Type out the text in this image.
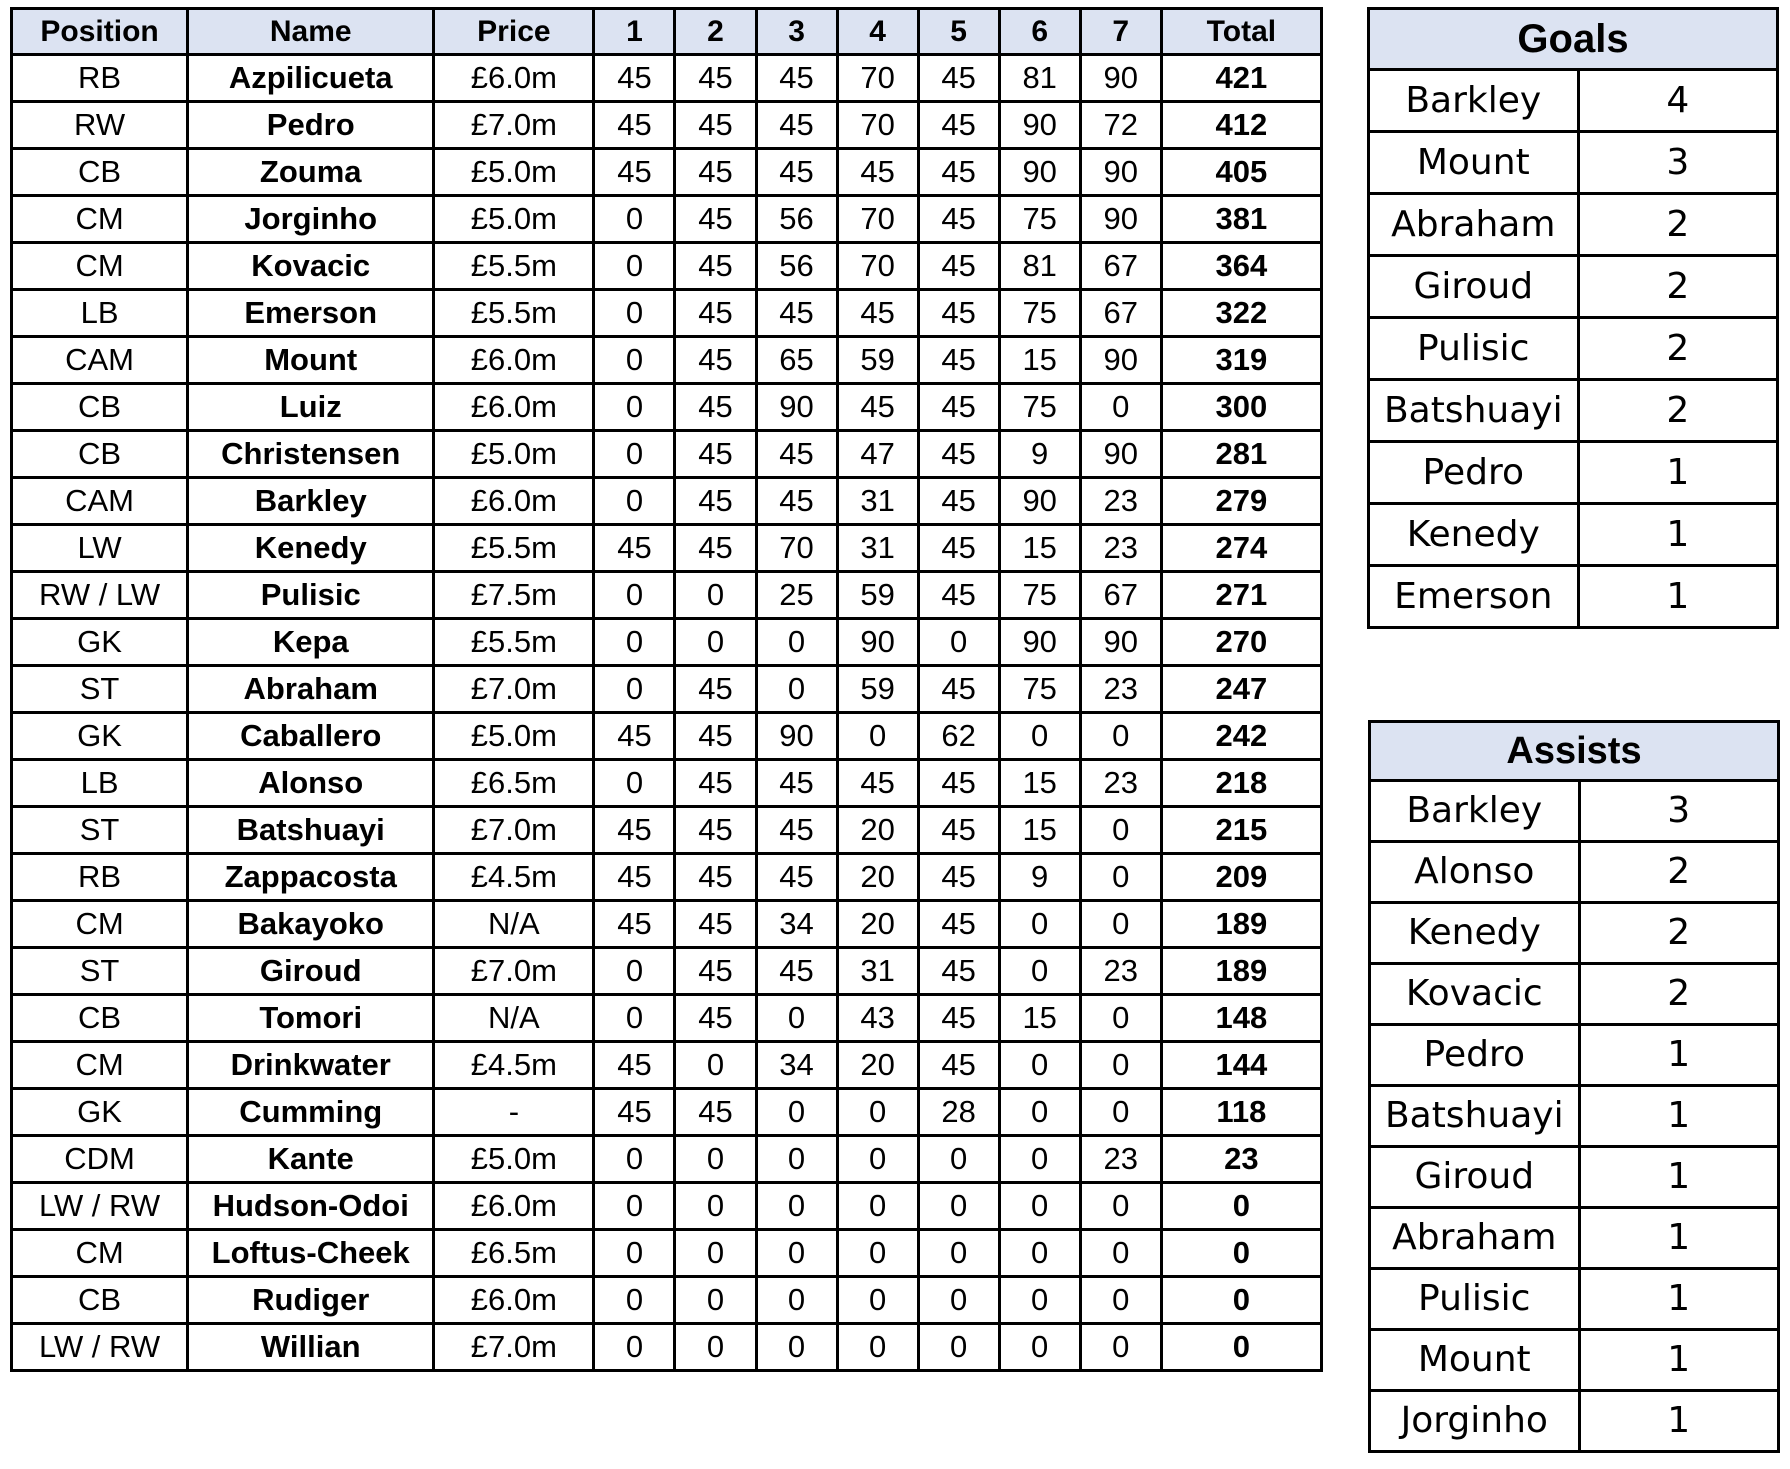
Position	Name	Price	1	2	3	4	5	6	7	Total
RB	Azpilicueta	£6.0m	45	45	45	70	45	81	90	421
RW	Pedro	£7.0m	45	45	45	70	45	90	72	412
CB	Zouma	£5.0m	45	45	45	45	45	90	90	405
CM	Jorginho	£5.0m	0	45	56	70	45	75	90	381
CM	Kovacic	£5.5m	0	45	56	70	45	81	67	364
LB	Emerson	£5.5m	0	45	45	45	45	75	67	322
CAM	Mount	£6.0m	0	45	65	59	45	15	90	319
CB	Luiz	£6.0m	0	45	90	45	45	75	0	300
CB	Christensen	£5.0m	0	45	45	47	45	9	90	281
CAM	Barkley	£6.0m	0	45	45	31	45	90	23	279
LW	Kenedy	£5.5m	45	45	70	31	45	15	23	274
RW / LW	Pulisic	£7.5m	0	0	25	59	45	75	67	271
GK	Kepa	£5.5m	0	0	0	90	0	90	90	270
ST	Abraham	£7.0m	0	45	0	59	45	75	23	247
GK	Caballero	£5.0m	45	45	90	0	62	0	0	242
LB	Alonso	£6.5m	0	45	45	45	45	15	23	218
ST	Batshuayi	£7.0m	45	45	45	20	45	15	0	215
RB	Zappacosta	£4.5m	45	45	45	20	45	9	0	209
CM	Bakayoko	N/A	45	45	34	20	45	0	0	189
ST	Giroud	£7.0m	0	45	45	31	45	0	23	189
CB	Tomori	N/A	0	45	0	43	45	15	0	148
CM	Drinkwater	£4.5m	45	0	34	20	45	0	0	144
GK	Cumming	-	45	45	0	0	28	0	0	118
CDM	Kante	£5.0m	0	0	0	0	0	0	23	23
LW / RW	Hudson-Odoi	£6.0m	0	0	0	0	0	0	0	0
CM	Loftus-Cheek	£6.5m	0	0	0	0	0	0	0	0
CB	Rudiger	£6.0m	0	0	0	0	0	0	0	0
LW / RW	Willian	£7.0m	0	0	0	0	0	0	0	0
Goals	
Barkley	4
Mount	3
Abraham	2
Giroud	2
Pulisic	2
Batshuayi	2
Pedro	1
Kenedy	1
Emerson	1
Assists	
Barkley	3
Alonso	2
Kenedy	2
Kovacic	2
Pedro	1
Batshuayi	1
Giroud	1
Abraham	1
Pulisic	1
Mount	1
Jorginho	1
